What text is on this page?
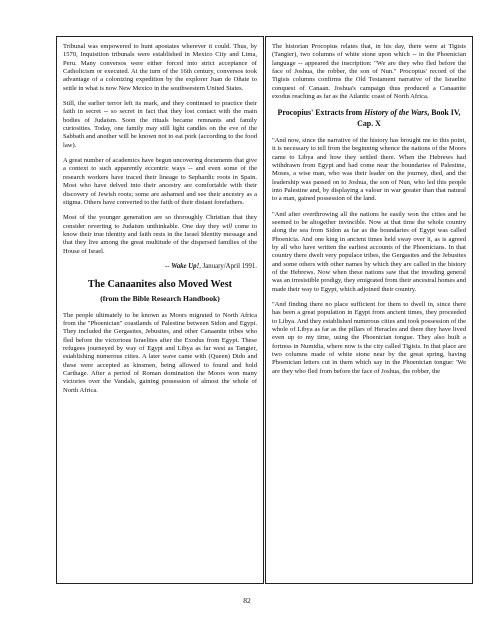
Tribunal was empowered to hunt apostates wherever it could. Thus, by 1570, Inquisition tribunals were established in Mexico City and Lima, Peru. Many conversos were either forced into strict acceptance of Catholicism or executed. At the turn of the 16th century, conversos took advantage of a colonizing expedition by the explorer Juan de Oñate to settle in what is now New Mexico in the southwestern United States.

Still, the earlier terror left its mark, and they continued to practice their faith in secret -- so secret in fact that they lost contact with the main bodies of Judaism. Soon the rituals became remnants and family curiosities. Today, one family may still light candles on the eve of the Sabbath and another will be known not to eat pork (according to the food law).

A great number of academics have begun uncovering documents that give a context to such apparently eccentric ways -- and even some of the research workers have traced their lineage to Sephardic roots in Spain. Most who have delved into their ancestry are comfortable with their discovery of Jewish roots; some are ashamed and see their ancestry as a stigma. Others have converted to the faith of their distant forefathers.

Most of the younger generation are so thoroughly Christian that they consider reverting to Judaism unthinkable. One day they will come to know their true identity and faith rests in the Israel Identity message and that they live among the great multitude of the dispersed families of the House of Israel.

-- Wake Up!, January/April 1991.
The Canaanites also Moved West
(from the Bible Research Handbook)

The people ultimately to be known as Moors migrated to North Africa from the "Phoenician" coastlands of Palestine between Sidon and Egypt. They included the Gergasites, Jebusites, and other Canaanite tribes who fled before the victorious Israelites after the Exodus from Egypt. These refugees journeyed by way of Egypt and Libya as far west as Tangier, establishing numerous cities. A later wave came with (Queen) Dido and these were accepted as kinsmen, being allowed to found and hold Carthage. After a period of Roman domination the Moors won many victories over the Vandals, gaining possession of almost the whole of North Africa.

The historian Procopius relates that, in his day, there were at Tigisis (Tangier), two columns of white stone upon which -- in the Phoenician language -- appeared the inscription: "We are they who fled before the face of Joshua, the robber, the son of Nun." Procopius' record of the Tigisis columns confirms the Old Testament narrative of the Israelite conquest of Canaan. Joshua's campaign thus produced a Canaanite exodus reaching as far as the Atlantic coast of North Africa.

Procopius' Extracts from History of the Wars, Book IV, Cap. X

"And now, since the narrative of the history has brought me to this point, it is necessary to tell from the beginning whence the nations of the Moors came to Libya and how they settled there. When the Hebrews had withdrawn from Egypt and had come near the boundaries of Palestine, Moses, a wise man, who was their leader on the journey, died, and the leadership was passed on to Joshua, the son of Nun, who led this people into Palestine and, by displaying a valour in war greater than that natural to a man, gained possession of the land.

"And after overthrowing all the nations he easily won the cities and he seemed to be altogether invincible. Now at that time the whole country along the sea from Sidon as far as the boundaries of Egypt was called Phoenicia. And one king in ancient times held sway over it, as is agreed by all who have written the earliest accounts of the Phoenicians. In that country there dwelt very populace tribes, the Gergasites and the Jebusites and some others with other names by which they are called in the history of the Hebrews. Now when these nations saw that the invading general was an irresistible prodigy, they emigrated from their ancestral homes and made their way to Egypt, which adjoined their country.

"And finding there no place sufficient for them to dwell in, since there has been a great population in Egypt from ancient times, they proceeded to Libya. And they established numerous cities and took possession of the whole of Libya as far as the pillars of Heracles and there they have lived even up to my time, using the Phoenician tongue. They also built a fortress in Numidia, where now is the city called Tigisis. In that place are two columns made of white stone near by the great spring, having Phoenician letters cut in them which say in the Phoenician tongue: 'We are they who fled from before the face of Joshua, the robber, the

82
